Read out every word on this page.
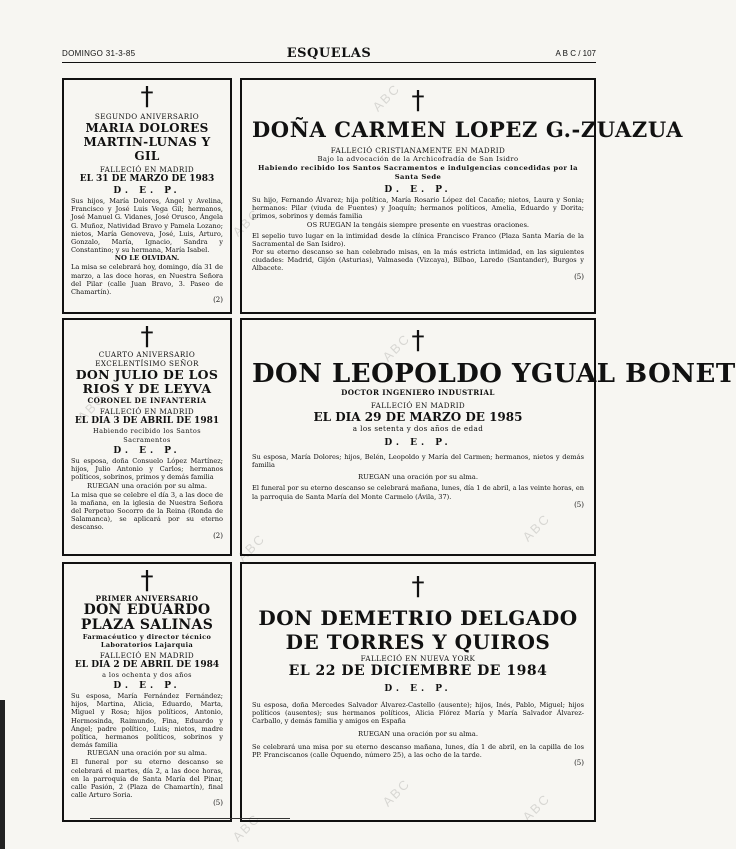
ABC
ABC
ABC
ABC
ABC
ABC
ABC
ABC
ABC
DOMINGO 31-3-85	ESQUELAS	A B C / 107
†
SEGUNDO ANIVERSARIO
MARIA DOLORES MARTIN-LUNAS Y GIL
FALLECIÓ EN MADRID
EL 31 DE MARZO DE 1983
D. E. P.
Sus hijos, María Dolores, Ángel y Avelina, Francisco y José Luis Vega Gil; hermanos, José Manuel G. Vidanes, José Orusco, Ángela G. Muñoz, Natividad Bravo y Pamela Lozano; nietos, María Genoveva, José, Luis, Arturo, Gonzalo, María, Ignacio, Sandra y Constantino; y su hermana, María Isabel.
NO LE OLVIDAN.
La misa se celebrará hoy, domingo, día 31 de marzo, a las doce horas, en Nuestra Señora del Pilar (calle Juan Bravo, 3. Paseo de Chamartín).
(2)
†
DOÑA CARMEN LOPEZ G.-ZUAZUA
FALLECIÓ CRISTIANAMENTE EN MADRID
Bajo la advocación de la Archicofradía de San Isidro
Habiendo recibido los Santos Sacramentos e indulgencias concedidas por la Santa Sede
D. E. P.
Su hijo, Fernando Álvarez; hija política, María Rosario López del Cacaño; nietos, Laura y Sonia; hermanos: Pilar (viuda de Fuentes) y Joaquín; hermanos políticos, Amelia, Eduardo y Dorita; primos, sobrinos y demás familia
OS RUEGAN la tengáis siempre presente en vuestras oraciones.
El sepelio tuvo lugar en la intimidad desde la clínica Francisco Franco (Plaza Santa María de la Sacramental de San Isidro).
Por su eterno descanso se han celebrado misas, en la más estricta intimidad, en las siguientes ciudades: Madrid, Gijón (Asturias), Valmaseda (Vizcaya), Bilbao, Laredo (Santander), Burgos y Albacete.
(5)
†
CUARTO ANIVERSARIO
EXCELENTÍSIMO SEÑOR
DON JULIO DE LOS RIOS Y DE LEYVA
CORONEL DE INFANTERIA
FALLECIÓ EN MADRID
EL DIA 3 DE ABRIL DE 1981
Habiendo recibido los Santos Sacramentos
D. E. P.
Su esposa, doña Consuelo López Martínez; hijos, Julio Antonio y Carlos; hermanos políticos, sobrinos, primos y demás familia
RUEGAN una oración por su alma.
La misa que se celebre el día 3, a las doce de la mañana, en la iglesia de Nuestra Señora del Perpetuo Socorro de la Reina (Ronda de Salamanca), se aplicará por su eterno descanso.
(2)
†
DON LEOPOLDO YGUAL BONET
DOCTOR INGENIERO INDUSTRIAL
FALLECIÓ EN MADRID
EL DIA 29 DE MARZO DE 1985
a los setenta y dos años de edad
D. E. P.
Su esposa, María Dolores; hijos, Belén, Leopoldo y María del Carmen; hermanos, nietos y demás familia
RUEGAN una oración por su alma.
El funeral por su eterno descanso se celebrará mañana, lunes, día 1 de abril, a las veinte horas, en la parroquia de Santa María del Monte Carmelo (Ávila, 37).
(5)
†
PRIMER ANIVERSARIO
DON EDUARDO PLAZA SALINAS
Farmacéutico y director técnico Laboratorios Lajarquia
FALLECIÓ EN MADRID
EL DIA 2 DE ABRIL DE 1984
a los ochenta y dos años
D. E. P.
Su esposa, María Fernández Fernández; hijos, Martina, Alicia, Eduardo, Marta, Miguel y Rosa; hijos políticos, Antonio, Hermosinda, Raimundo, Fina, Eduardo y Ángel; padre político, Luis; nietos, madre política, hermanos políticos, sobrinos y demás familia
RUEGAN una oración por su alma.
El funeral por su eterno descanso se celebrará el martes, día 2, a las doce horas, en la parroquia de Santa María del Pinar, calle Pasión, 2 (Plaza de Chamartín), final calle Arturo Soria.
(5)
†
DON DEMETRIO DELGADO DE TORRES Y QUIROS
FALLECIÓ EN NUEVA YORK
EL 22 DE DICIEMBRE DE 1984
D. E. P.
Su esposa, doña Mercedes Salvador Álvarez-Castello (ausente); hijos, Inés, Pablo, Miguel; hijos políticos (ausentes); sus hermanos políticos, Alicia Flórez María y María Salvador Álvarez-Carballo, y demás familia y amigos en España
RUEGAN una oración por su alma.
Se celebrará una misa por su eterno descanso mañana, lunes, día 1 de abril, en la capilla de los PP. Franciscanos (calle Oquendo, número 25), a las ocho de la tarde.
(5)
